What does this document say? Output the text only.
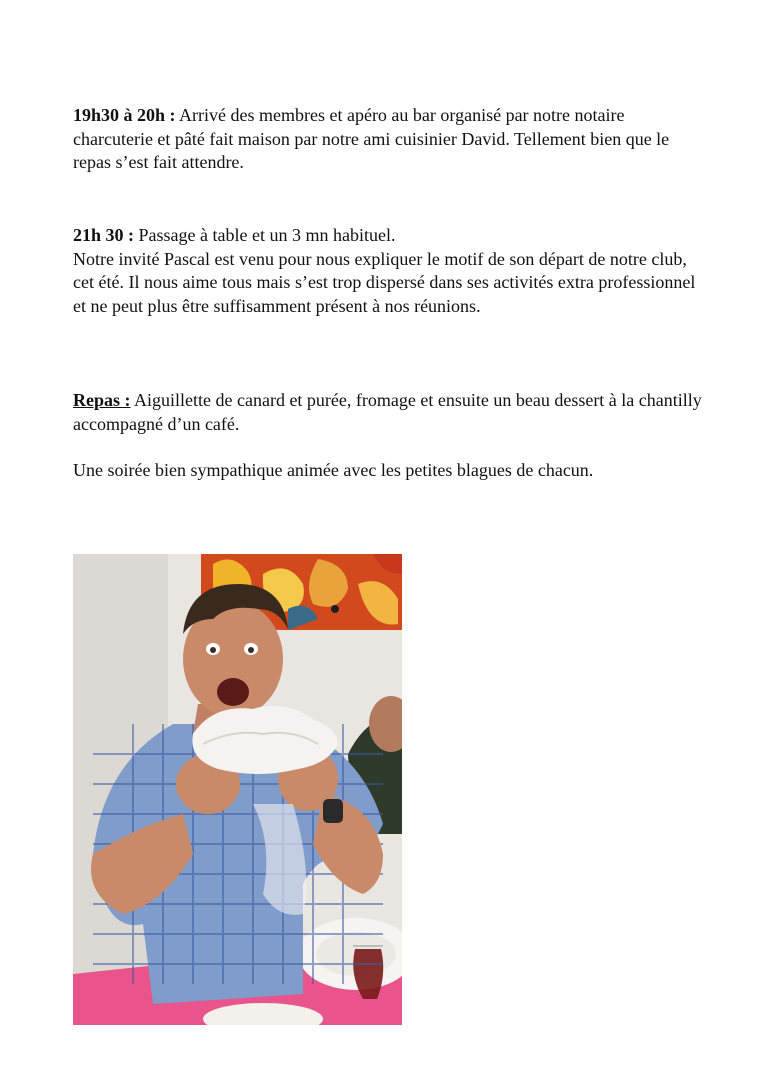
19h30 à 20h : Arrivé des membres et apéro au bar organisé par notre notaire charcuterie et pâté fait maison par notre ami cuisinier David. Tellement bien que le repas s’est fait attendre.

21h 30 : Passage à table et un 3 mn habituel.

Notre invité Pascal est venu pour nous expliquer le motif de son départ de notre club, cet été. Il nous aime tous mais s’est trop dispersé dans ses activités extra professionnel et ne peut plus être suffisamment présent à nos réunions.

Repas : Aiguillette de canard et purée, fromage et ensuite un beau dessert à la chantilly accompagné d’un café.

Une soirée bien sympathique animée avec les petites blagues de chacun.
